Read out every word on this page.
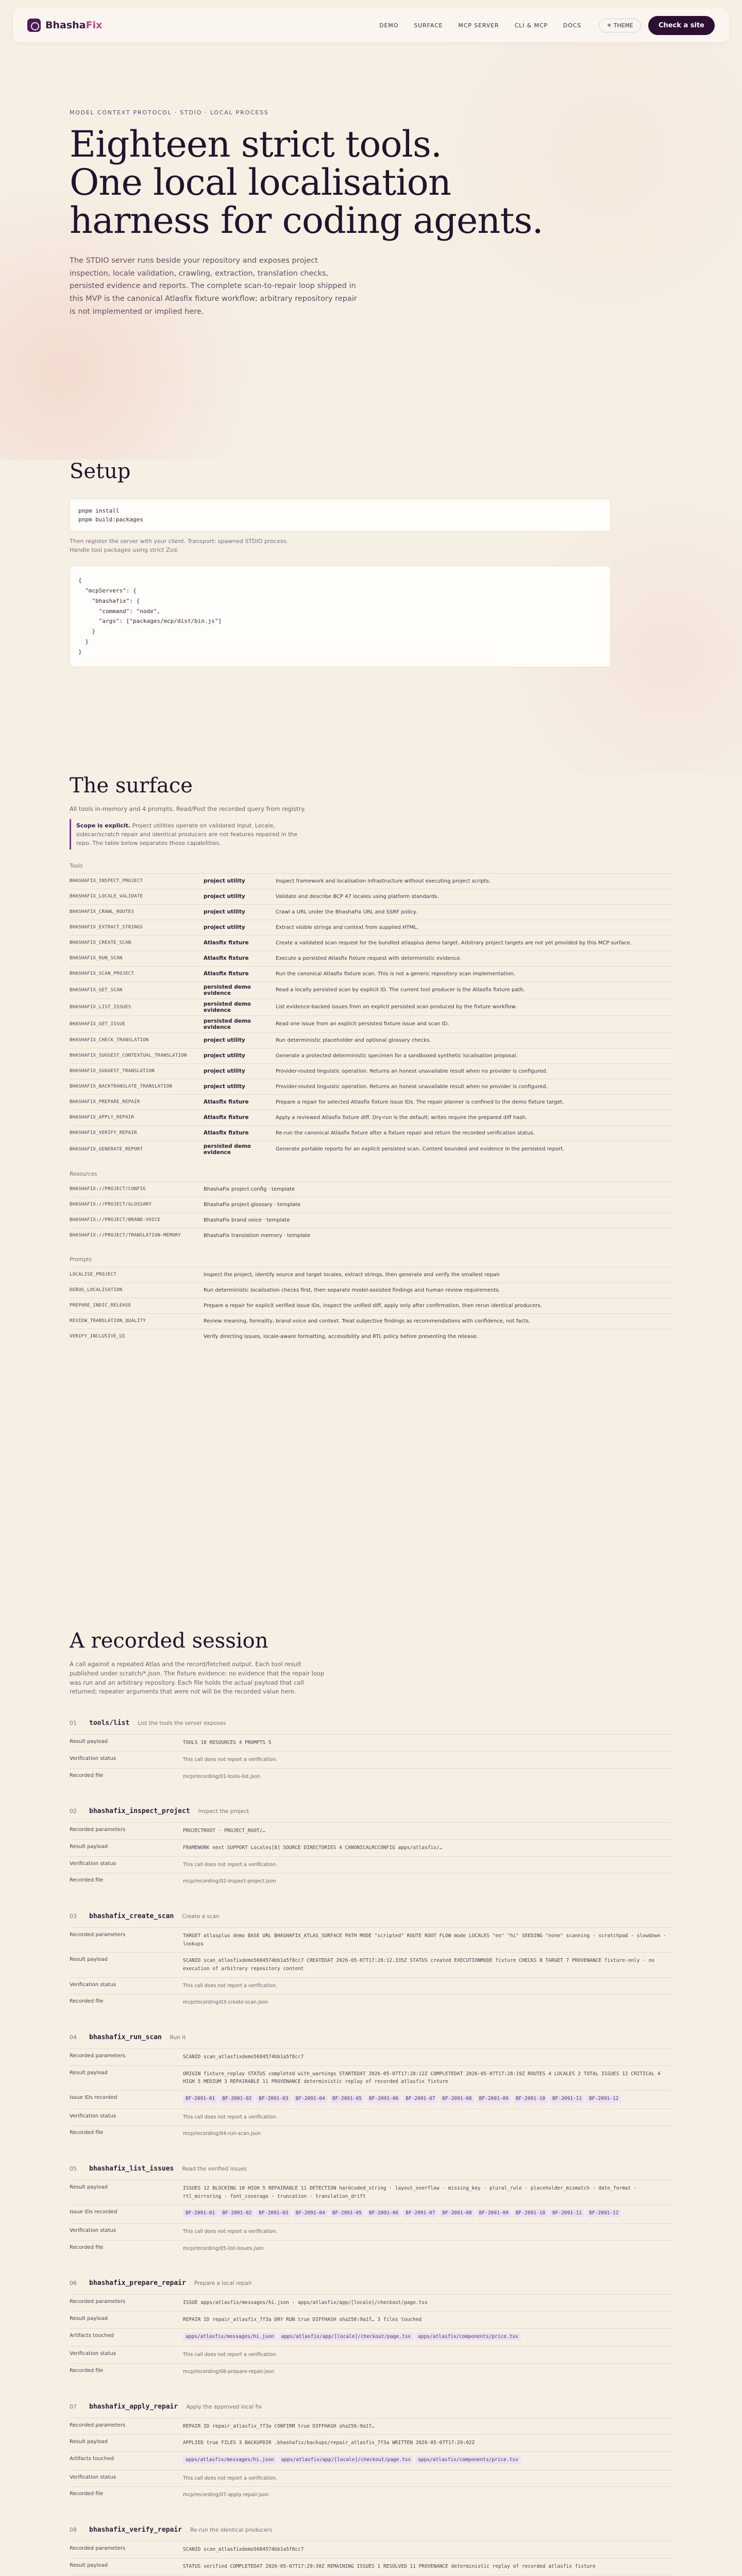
BhashaFix	DEMO	SURFACE	MCP SERVER	CLI & MCP	DOCS	☀ THEME	Check a site
MODEL CONTEXT PROTOCOL · STDIO · LOCAL PROCESS
Eighteen strict tools.
One local localisation
harness for coding agents.

The STDIO server runs beside your repository and exposes project inspection, locale validation, crawling, extraction, translation checks, persisted evidence and reports. The complete scan-to-repair loop shipped in this MVP is the canonical Atlasfix fixture workflow; arbitrary repository repair is not implemented or implied here.

Setup
pnpm install
pnpm build:packages
Then register the server with your client. Transport: spawned STDIO process.
Handle tool packages using strict Zod.
{
"mcpServers": {
"bhashafix": {
"command": "node",
"args": ["packages/mcp/dist/bin.js"]
}
}
}
The surface
All tools in-memory and 4 prompts. Read/Post the recorded query from registry.
Scope is explicit. Project utilities operate on validated input. Locale, sidecar/scratch repair and identical producers are not features repaired in the repo. The table below separates those capabilities.
Tools
BHASHAFIX_INSPECT_PROJECT	project utility	Inspect framework and localisation infrastructure without executing project scripts.
BHASHAFIX_LOCALE_VALIDATE	project utility	Validate and describe BCP 47 locales using platform standards.
BHASHAFIX_CRAWL_ROUTES	project utility	Crawl a URL under the BhashaFix URL and SSRF policy.
BHASHAFIX_EXTRACT_STRINGS	project utility	Extract visible strings and context from supplied HTML.
BHASHAFIX_CREATE_SCAN	Atlasfix fixture	Create a validated scan request for the bundled atlasplus demo target. Arbitrary project targets are not yet provided by this MCP surface.
BHASHAFIX_RUN_SCAN	Atlasfix fixture	Execute a persisted Atlasfix fixture request with deterministic evidence.
BHASHAFIX_SCAN_PROJECT	Atlasfix fixture	Run the canonical Atlasfix fixture scan. This is not a generic repository scan implementation.
BHASHAFIX_GET_SCAN	persisted demo evidence	Read a locally persisted scan by explicit ID. The current tool producer is the Atlasfix fixture path.
BHASHAFIX_LIST_ISSUES	persisted demo evidence	List evidence-backed issues from an explicit persisted scan produced by the fixture workflow.
BHASHAFIX_GET_ISSUE	persisted demo evidence	Read one issue from an explicit persisted fixture issue and scan ID.
BHASHAFIX_CHECK_TRANSLATION	project utility	Run deterministic placeholder and optional glossary checks.
BHASHAFIX_SUGGEST_CONTEXTUAL_TRANSLATION	project utility	Generate a protected deterministic specimen for a sandboxed synthetic localisation proposal.
BHASHAFIX_SUGGEST_TRANSLATION	project utility	Provider-routed linguistic operation. Returns an honest unavailable result when no provider is configured.
BHASHAFIX_BACKTRANSLATE_TRANSLATION	project utility	Provider-routed linguistic operation. Returns an honest unavailable result when no provider is configured.
BHASHAFIX_PREPARE_REPAIR	Atlasfix fixture	Prepare a repair for selected Atlasfix fixture issue IDs. The repair planner is confined to the demo fixture target.
BHASHAFIX_APPLY_REPAIR	Atlasfix fixture	Apply a reviewed Atlasfix fixture diff. Dry-run is the default; writes require the prepared diff hash.
BHASHAFIX_VERIFY_REPAIR	Atlasfix fixture	Re-run the canonical Atlasfix fixture after a fixture repair and return the recorded verification status.
BHASHAFIX_GENERATE_REPORT	persisted demo evidence	Generate portable reports for an explicit persisted scan. Content bounded and evidence in the persisted report.
Resources
BHASHAFIX://PROJECT/CONFIG	BhashaFix project config · template
BHASHAFIX://PROJECT/GLOSSARY	BhashaFix project glossary · template
BHASHAFIX://PROJECT/BRAND-VOICE	BhashaFix brand voice · template
BHASHAFIX://PROJECT/TRANSLATION-MEMORY	BhashaFix translation memory · template
Prompts
LOCALISE_PROJECT	Inspect the project, identify source and target locales, extract strings, then generate and verify the smallest repair.
DEBUG_LOCALISATION	Run deterministic localisation checks first, then separate model-assisted findings and human review requirements.
PREPARE_INDIC_RELEASE	Prepare a repair for explicit verified issue IDs, inspect the unified diff, apply only after confirmation, then rerun identical producers.
REVIEW_TRANSLATION_QUALITY	Review meaning, formality, brand voice and context. Treat subjective findings as recommendations with confidence, not facts.
VERIFY_INCLUSIVE_UI	Verify directing issues, locale-aware formatting, accessibility and RTL policy before presenting the release.
A recorded session
A call against a repeated Atlas and the record/fetched output. Each tool result published under scratch/*.json. The fixture evidence: no evidence that the repair loop was run and an arbitrary repository. Each file holds the actual payload that call returned; repeater arguments that were not will be the recorded value here.
01	tools/list List the tools the server exposes
Result payload	TOOLS 18 RESOURCES 4 PROMPTS 5
Verification status	This call does not report a verification.
Recorded file	mcp/recording/01-tools-list.json
02	bhashafix_inspect_project Inspect the project
Recorded parameters	PROJECTROOT · PROJECT_ROOT/…
Result payload	FRAMEWORK next SUPPORT Locales[8] SOURCE DIRECTORIES 4 CANONICALRCCONFIG apps/atlasfix/…
Verification status	This call does not report a verification.
Recorded file	mcp/recording/02-inspect-project.json
03	bhashafix_create_scan Create a scan
Recorded parameters	TARGET atlasplus demo BASE URL BHASHAFIX_ATLAS_SURFACE PATH MODE "scripted" ROUTE ROOT FLOW mode LOCALES "en" "hi" SEEDING "none" scanning · scratchpad · slowdown · lookups
Result payload	SCANID scan_atlasfixdemo5684574bb1a5f8cc7 CREATEDAT 2026-05-07T17:28:12.335Z STATUS created EXECUTIONMODE fixture CHECKS 8 TARGET 7 PROVENANCE fixture-only · no execution of arbitrary repository content
Verification status	This call does not report a verification.
Recorded file	mcp/recording/03-create-scan.json
04	bhashafix_run_scan Run it
Recorded parameters	SCANID scan_atlasfixdemo5684574bb1a5f8cc7
Result payload	ORIGIN fixture_replay STATUS completed with_warnings STARTEDAT 2026-05-07T17:28:12Z COMPLETEDAT 2026-05-07T17:28:19Z ROUTES 4 LOCALES 2 TOTAL ISSUES 12 CRITICAL 4 HIGH 5 MEDIUM 3 REPAIRABLE 11 PROVENANCE deterministic replay of recorded atlasfix fixture
Issue IDs recorded	BF-2091-01 BF-2091-02 BF-2091-03 BF-2091-04 BF-2091-05 BF-2091-06 BF-2091-07 BF-2091-08 BF-2091-09 BF-2091-10 BF-2091-11 BF-2091-12
Verification status	This call does not report a verification.
Recorded file	mcp/recording/04-run-scan.json
05	bhashafix_list_issues Read the verified issues
Result payload	ISSUES 12 BLOCKING 10 HIGH 5 REPAIRABLE 11 DETECTION hardcoded_string · layout_overflow · missing_key · plural_rule · placeholder_mismatch · date_format · rtl_mirroring · font_coverage · truncation · translation_drift
Issue IDs recorded	BF-2091-01 BF-2091-02 BF-2091-03 BF-2091-04 BF-2091-05 BF-2091-06 BF-2091-07 BF-2091-08 BF-2091-09 BF-2091-10 BF-2091-11 BF-2091-12
Verification status	This call does not report a verification.
Recorded file	mcp/recording/05-list-issues.json
06	bhashafix_prepare_repair Prepare a local repair
Recorded parameters	ISSUE apps/atlasfix/messages/hi.json · apps/atlasfix/app/[locale]/checkout/page.tsx
Result payload	REPAIR ID repair_atlasfix_7f3a DRY RUN true DIFFHASH sha256:9a1f… 3 files touched
Artifacts touched	apps/atlasfix/messages/hi.json apps/atlasfix/app/[locale]/checkout/page.tsx apps/atlasfix/components/price.tsx
Verification status	This call does not report a verification.
Recorded file	mcp/recording/06-prepare-repair.json
07	bhashafix_apply_repair Apply the approved local fix
Recorded parameters	REPAIR ID repair_atlasfix_7f3a CONFIRM true DIFFHASH sha256:9a1f…
Result payload	APPLIED true FILES 3 BACKUPDIR .bhashafix/backups/repair_atlasfix_7f3a WRITTEN 2026-05-07T17:29:02Z
Artifacts touched	apps/atlasfix/messages/hi.json apps/atlasfix/app/[locale]/checkout/page.tsx apps/atlasfix/components/price.tsx
Verification status	This call does not report a verification.
Recorded file	mcp/recording/07-apply-repair.json
08	bhashafix_verify_repair Re-run the identical producers
Recorded parameters	SCANID scan_atlasfixdemo5684574bb1a5f8cc7
Result payload	STATUS verified COMPLETEDAT 2026-05-07T17:29:30Z REMAINING ISSUES 1 RESOLVED 11 PROVENANCE deterministic replay of recorded atlasfix fixture
